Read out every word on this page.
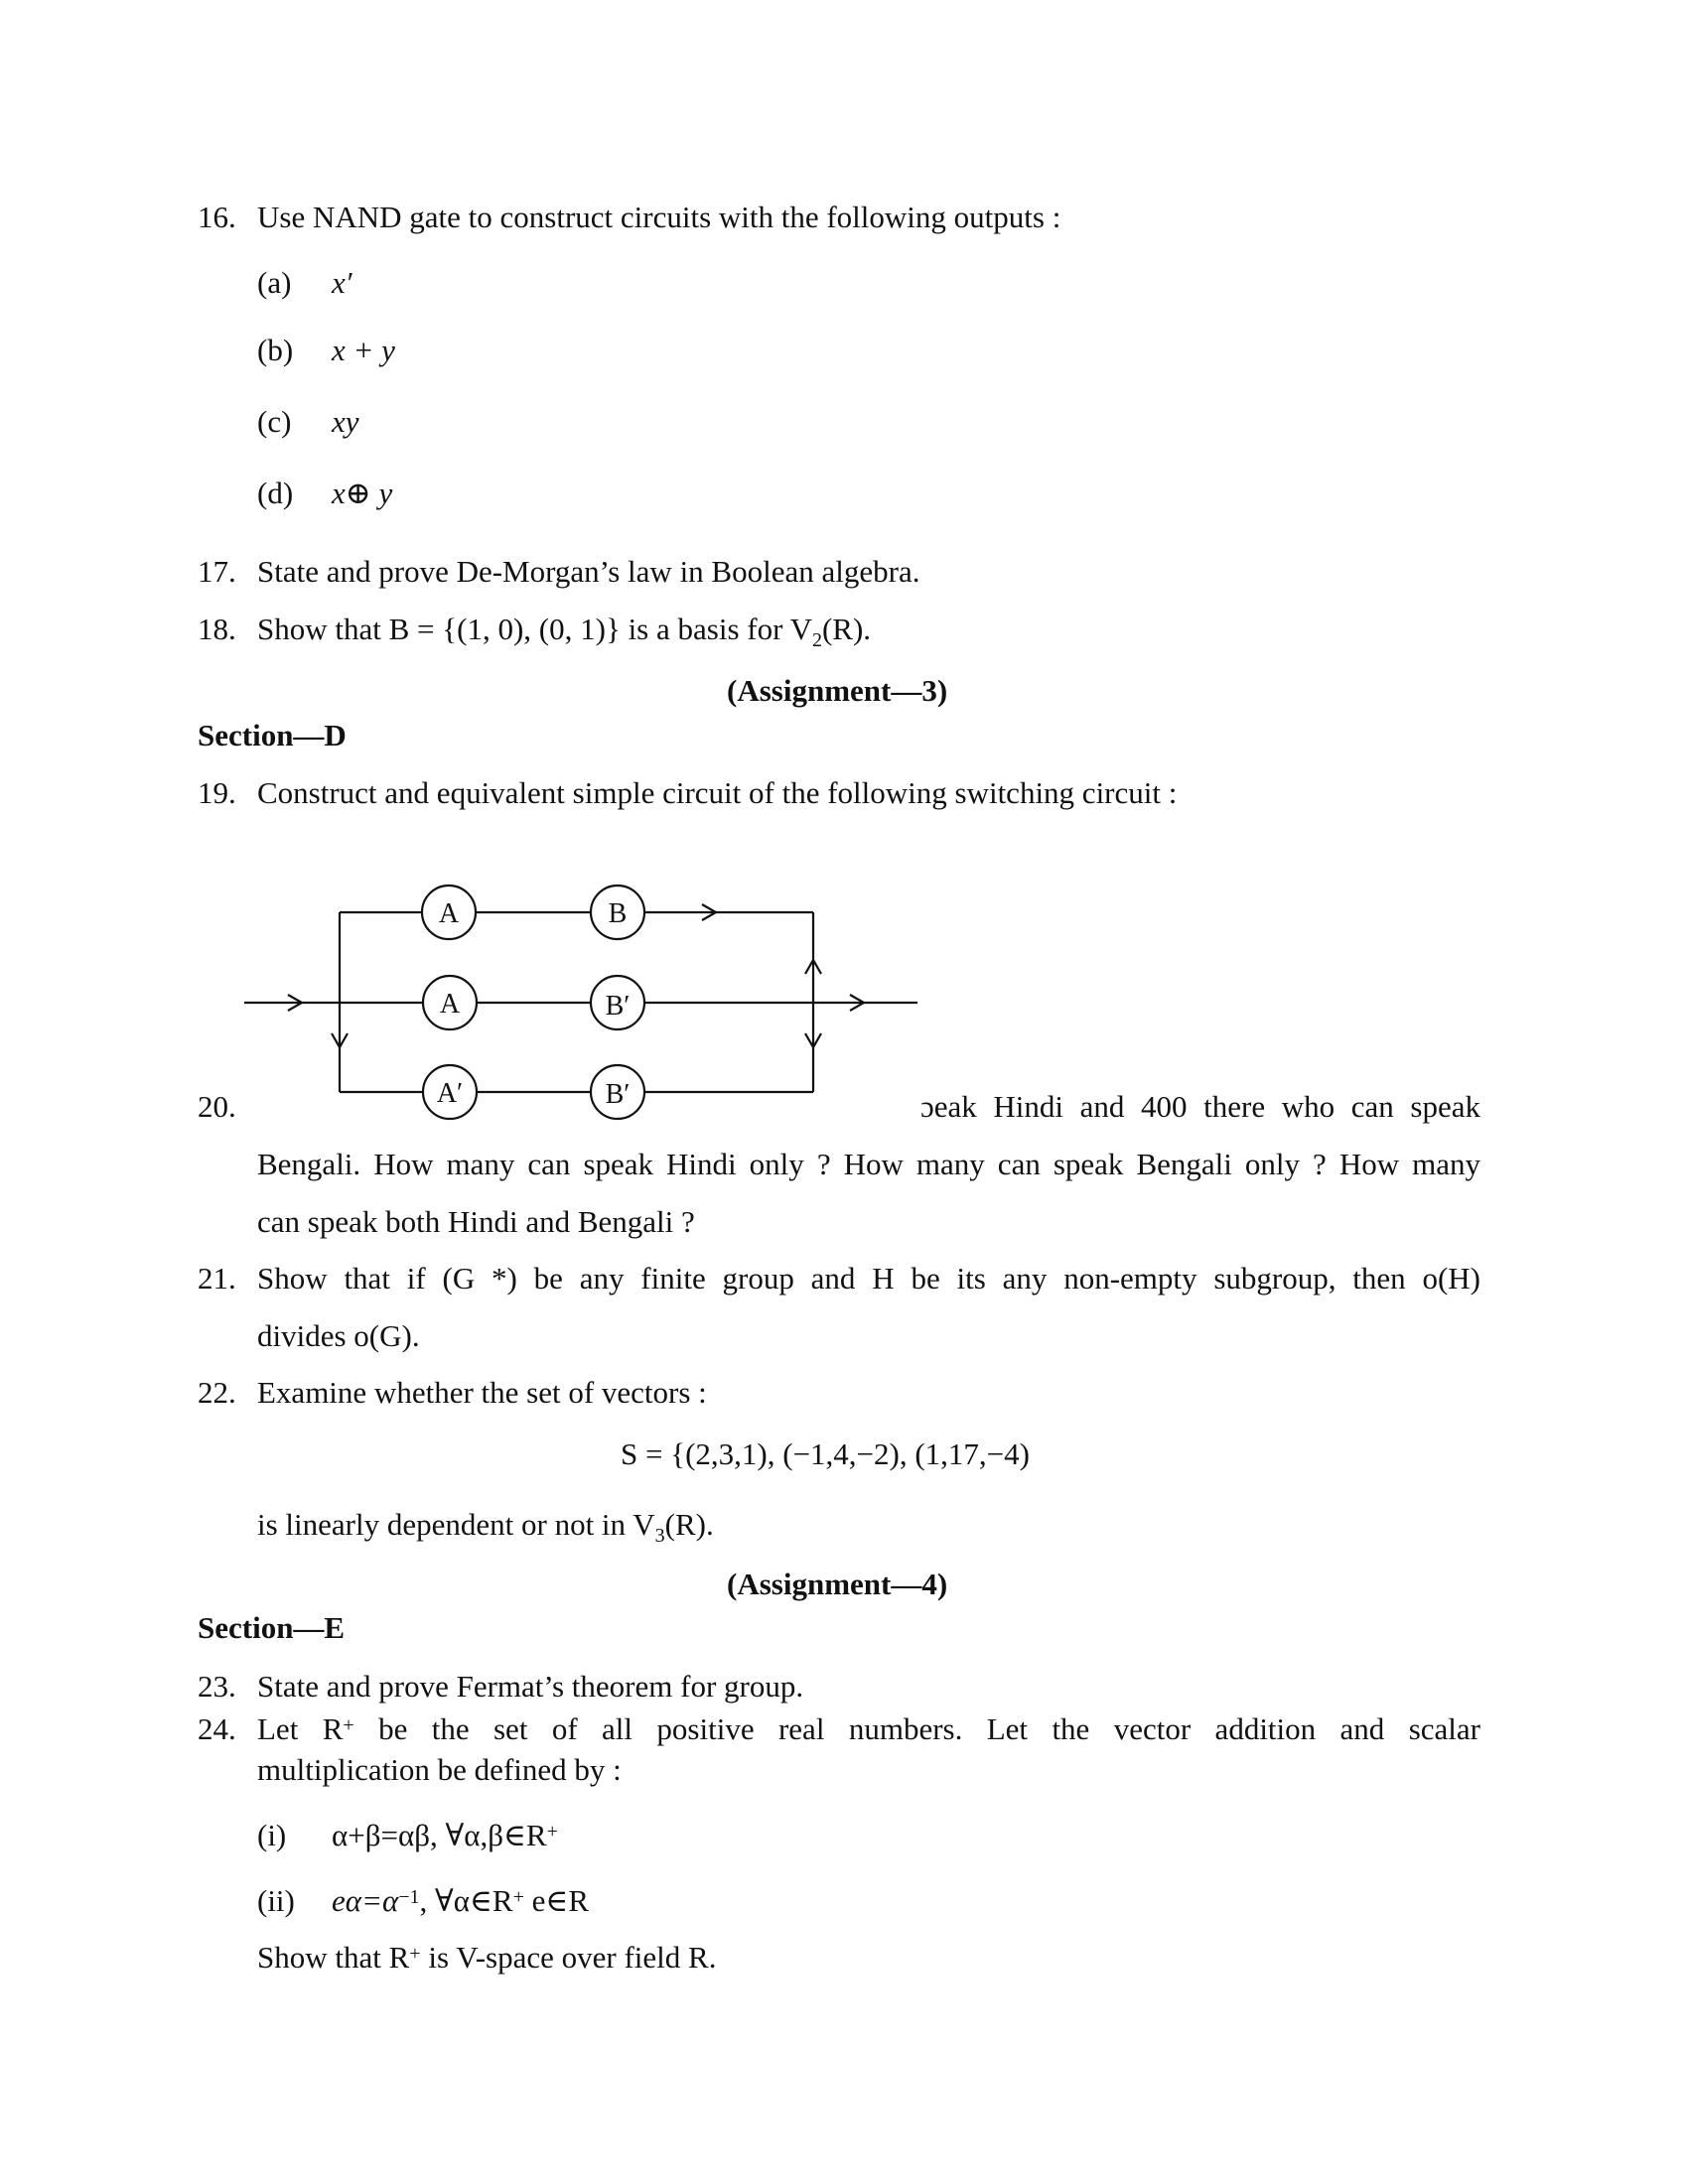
16. Use NAND gate to construct circuits with the following outputs :
(a) x′
(b) x + y
(c) xy
(d) x⊕ y
17. State and prove De-Morgan’s law in Boolean algebra.
18. Show that B = {(1, 0), (0, 1)} is a basis for $V_2(R)$.
(Assignment—3)
Section—D
19. Construct and equivalent simple circuit of the following switching circuit :
A	B
A	B′
A′	B′
20.	ɔeak Hindi and 400 there who can speak
Bengali. How many can speak Hindi only ? How many can speak Bengali only ? How many
can speak both Hindi and Bengali ?
21. Show that if (G *) be any finite group and H be its any non-empty subgroup, then o(H)
divides o(G).
22. Examine whether the set of vectors :
S = {(2,3,1), (−1,4,−2), (1,17,−4)
is linearly dependent or not in $V_3(R)$.
(Assignment—4)
Section—E
23. State and prove Fermat’s theorem for group.
24. Let R+ be the set of all positive real numbers. Let the vector addition and scalar
multiplication be defined by :
(i) α+β=αβ, ∀α,β∈R+
(ii) $e\alpha=\alpha^{-1}$, ∀α∈R+ e∈R
Show that R+ is V-space over field R.
